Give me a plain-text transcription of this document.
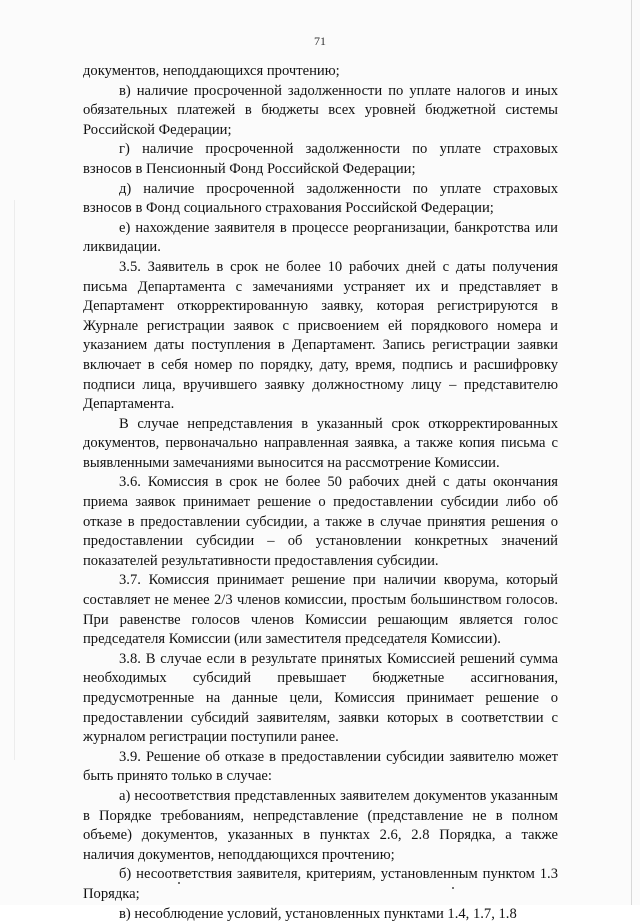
71

документов, неподдающихся прочтению;

в) наличие просроченной задолженности по уплате налогов и иных обязательных платежей в бюджеты всех уровней бюджетной системы Российской Федерации;

г) наличие просроченной задолженности по уплате страховых взносов в Пенсионный Фонд Российской Федерации;

д) наличие просроченной задолженности по уплате страховых взносов в Фонд социального страхования Российской Федерации;

е) нахождение заявителя в процессе реорганизации, банкротства или ликвидации.

3.5. Заявитель в срок не более 10 рабочих дней с даты получения письма Департамента с замечаниями устраняет их и представляет в Департамент откорректированную заявку, которая регистрируются в Журнале регистрации заявок с присвоением ей порядкового номера и указанием даты поступления в Департамент. Запись регистрации заявки включает в себя номер по порядку, дату, время, подпись и расшифровку подписи лица, вручившего заявку должностному лицу – представителю Департамента.

В случае непредставления в указанный срок откорректированных документов, первоначально направленная заявка, а также копия письма с выявленными замечаниями выносится на рассмотрение Комиссии.

3.6. Комиссия в срок не более 50 рабочих дней с даты окончания приема заявок принимает решение о предоставлении субсидии либо об отказе в предоставлении субсидии, а также в случае принятия решения о предоставлении субсидии – об установлении конкретных значений показателей результативности предоставления субсидии.

3.7. Комиссия принимает решение при наличии кворума, который составляет не менее 2/3 членов комиссии, простым большинством голосов. При равенстве голосов членов Комиссии решающим является голос председателя Комиссии (или заместителя председателя Комиссии).

3.8. В случае если в результате принятых Комиссией решений сумма необходимых субсидий превышает бюджетные ассигнования, предусмотренные на данные цели, Комиссия принимает решение о предоставлении субсидий заявителям, заявки которых в соответствии с журналом регистрации поступили ранее.

3.9. Решение об отказе в предоставлении субсидии заявителю может быть принято только в случае:

а) несоответствия представленных заявителем документов указанным в Порядке требованиям, непредставление (представление не в полном объеме) документов, указанных в пунктах 2.6, 2.8 Порядка, а также наличия документов, неподдающихся прочтению;

б) несоответствия заявителя, критериям, установленным пунктом 1.3 Порядка;

в) несоблюдение условий, установленных пунктами 1.4, 1.7, 1.8
